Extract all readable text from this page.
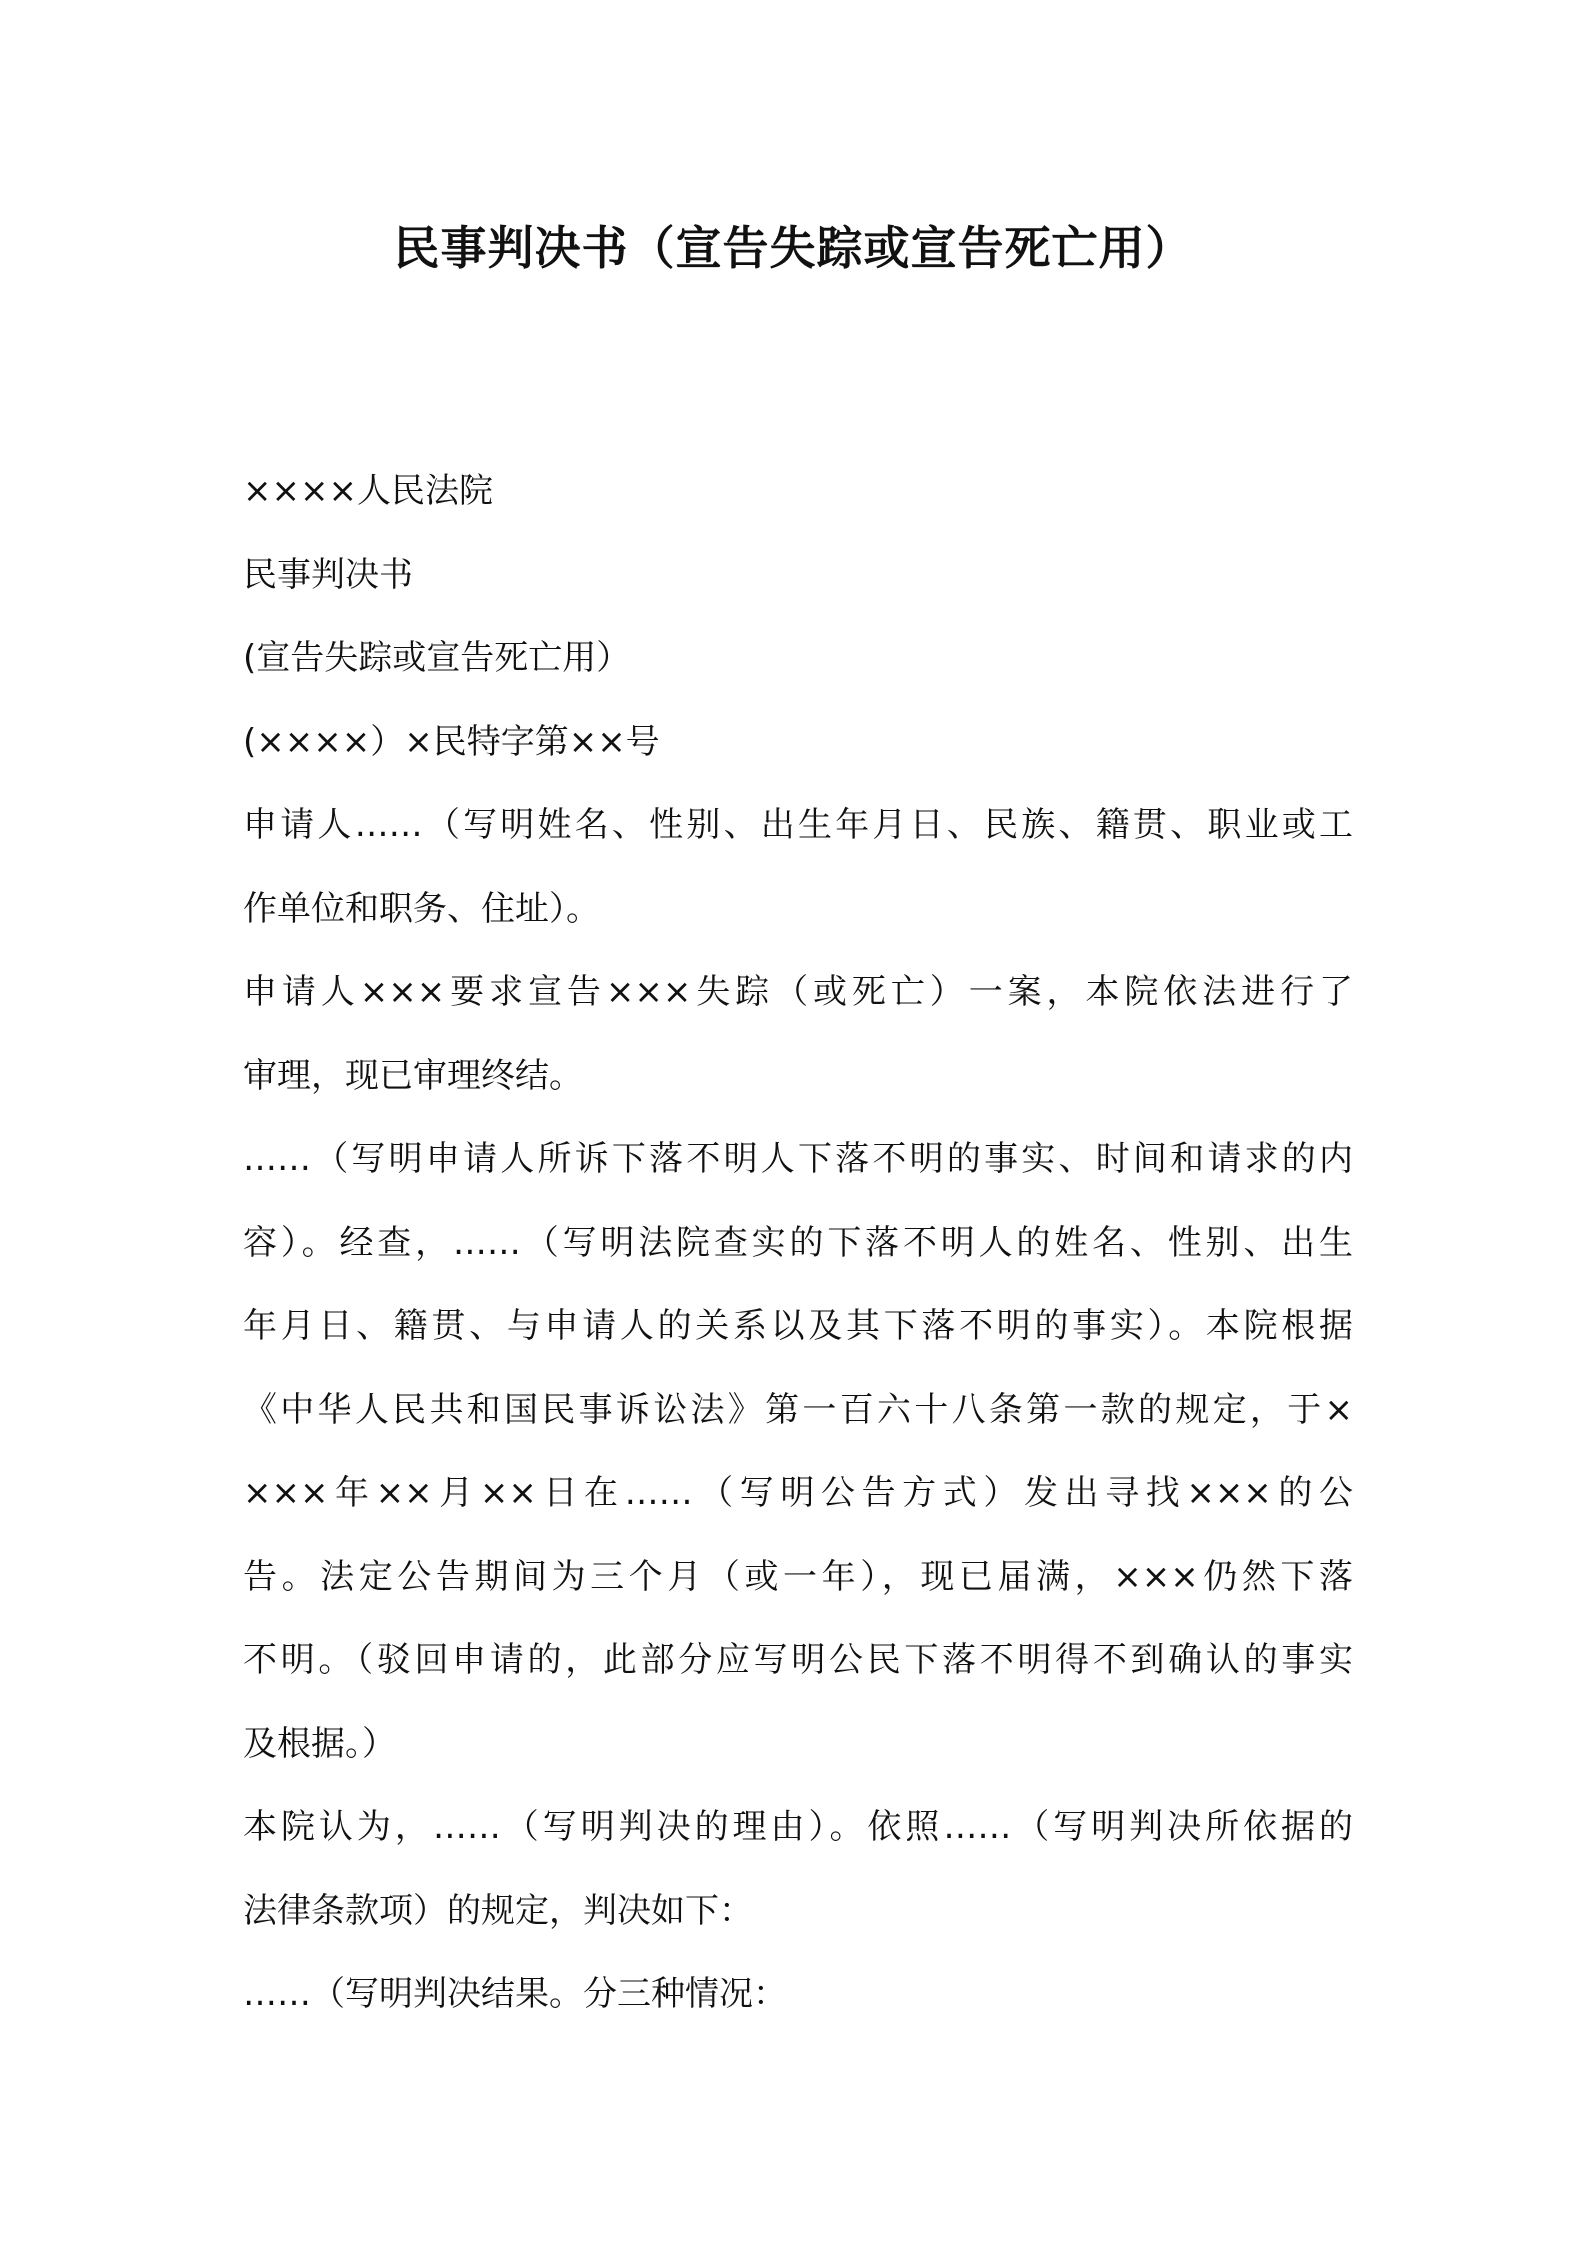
民事判决书（宣告失踪或宣告死亡用）
××××人民法院
民事判决书
(宣告失踪或宣告死亡用）
(××××）×民特字第××号
申请人……（写明姓名、性别、出生年月日、民族、籍贯、职业或工
作单位和职务、住址）。
申请人×××要求宣告×××失踪（或死亡）一案，本院依法进行了
审理，现已审理终结。
……（写明申请人所诉下落不明人下落不明的事实、时间和请求的内
容）。经查，……（写明法院查实的下落不明人的姓名、性别、出生
年月日、籍贯、与申请人的关系以及其下落不明的事实）。本院根据
《中华人民共和国民事诉讼法》第一百六十八条第一款的规定，于×
×××年××月××日在……（写明公告方式）发出寻找×××的公
告。法定公告期间为三个月（或一年），现已届满，×××仍然下落
不明。（驳回申请的，此部分应写明公民下落不明得不到确认的事实
及根据。）
本院认为，……（写明判决的理由）。依照……（写明判决所依据的
法律条款项）的规定，判决如下：
……（写明判决结果。分三种情况：
